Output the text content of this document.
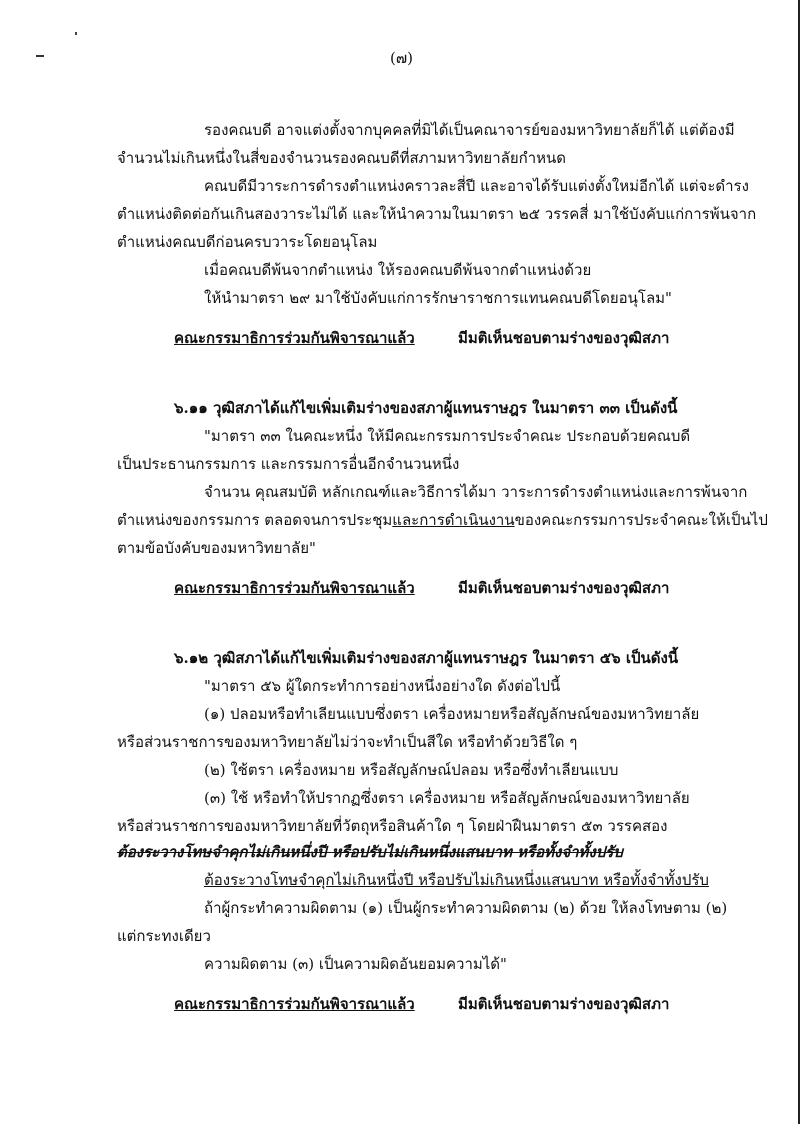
(๗)
รองคณบดี อาจแต่งตั้งจากบุคคลที่มิได้เป็นคณาจารย์ของมหาวิทยาลัยก็ได้ แต่ต้องมี
จำนวนไม่เกินหนึ่งในสี่ของจำนวนรองคณบดีที่สภามหาวิทยาลัยกำหนด
คณบดีมีวาระการดำรงตำแหน่งคราวละสี่ปี และอาจได้รับแต่งตั้งใหม่อีกได้ แต่จะดำรง
ตำแหน่งติดต่อกันเกินสองวาระไม่ได้ และให้นำความในมาตรา ๒๕ วรรคสี่ มาใช้บังคับแก่การพ้นจาก
ตำแหน่งคณบดีก่อนครบวาระโดยอนุโลม
เมื่อคณบดีพ้นจากตำแหน่ง ให้รองคณบดีพ้นจากตำแหน่งด้วย
ให้นำมาตรา ๒๙ มาใช้บังคับแก่การรักษาราชการแทนคณบดีโดยอนุโลม"
คณะกรรมาธิการร่วมกันพิจารณาแล้ว	มีมติเห็นชอบตามร่างของวุฒิสภา
๖.๑๑ วุฒิสภาได้แก้ไขเพิ่มเติมร่างของสภาผู้แทนราษฎร ในมาตรา ๓๓ เป็นดังนี้
"มาตรา ๓๓ ในคณะหนึ่ง ให้มีคณะกรรมการประจำคณะ ประกอบด้วยคณบดี
เป็นประธานกรรมการ และกรรมการอื่นอีกจำนวนหนึ่ง
จำนวน คุณสมบัติ หลักเกณฑ์และวิธีการได้มา วาระการดำรงตำแหน่งและการพ้นจาก
ตำแหน่งของกรรมการ ตลอดจนการประชุมและการดำเนินงานของคณะกรรมการประจำคณะให้เป็นไป
ตามข้อบังคับของมหาวิทยาลัย"
คณะกรรมาธิการร่วมกันพิจารณาแล้ว	มีมติเห็นชอบตามร่างของวุฒิสภา
๖.๑๒ วุฒิสภาได้แก้ไขเพิ่มเติมร่างของสภาผู้แทนราษฎร ในมาตรา ๕๖ เป็นดังนี้
"มาตรา ๕๖ ผู้ใดกระทำการอย่างหนึ่งอย่างใด ดังต่อไปนี้
(๑) ปลอมหรือทำเลียนแบบซึ่งตรา เครื่องหมายหรือสัญลักษณ์ของมหาวิทยาลัย
หรือส่วนราชการของมหาวิทยาลัยไม่ว่าจะทำเป็นสีใด หรือทำด้วยวิธีใด ๆ
(๒) ใช้ตรา เครื่องหมาย หรือสัญลักษณ์ปลอม หรือซึ่งทำเลียนแบบ
(๓) ใช้ หรือทำให้ปรากฏซึ่งตรา เครื่องหมาย หรือสัญลักษณ์ของมหาวิทยาลัย
หรือส่วนราชการของมหาวิทยาลัยที่วัตถุหรือสินค้าใด ๆ โดยฝ่าฝืนมาตรา ๕๓ วรรคสอง
ต้องระวางโทษจำคุกไม่เกินหนึ่งปี หรือปรับไม่เกินหนึ่งแสนบาท หรือทั้งจำทั้งปรับ
ต้องระวางโทษจำคุกไม่เกินหนึ่งปี หรือปรับไม่เกินหนึ่งแสนบาท หรือทั้งจำทั้งปรับ
ถ้าผู้กระทำความผิดตาม (๑) เป็นผู้กระทำความผิดตาม (๒) ด้วย ให้ลงโทษตาม (๒)
แต่กระทงเดียว
ความผิดตาม (๓) เป็นความผิดอันยอมความได้"
คณะกรรมาธิการร่วมกันพิจารณาแล้ว	มีมติเห็นชอบตามร่างของวุฒิสภา
